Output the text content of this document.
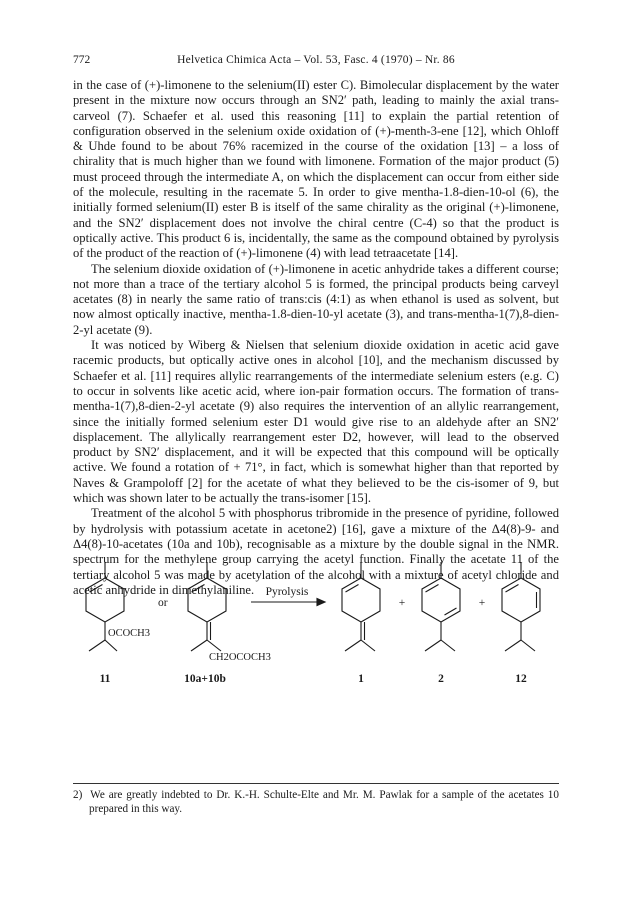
772	Helvetica Chimica Acta – Vol. 53, Fasc. 4 (1970) – Nr. 86

in the case of (+)-limonene to the selenium(II) ester C). Bimolecular displacement by the water present in the mixture now occurs through an SN2′ path, leading to mainly the axial trans-carveol (7). Schaefer et al. used this reasoning [11] to explain the partial retention of configuration observed in the selenium oxide oxidation of (+)-menth-3-ene [12], which Ohloff & Uhde found to be about 76% racemized in the course of the oxidation [13] – a loss of chirality that is much higher than we found with limonene. Formation of the major product (5) must proceed through the intermediate A, on which the displacement can occur from either side of the molecule, resulting in the racemate 5. In order to give mentha-1.8-dien-10-ol (6), the initially formed selenium(II) ester B is itself of the same chirality as the original (+)-limonene, and the SN2′ displacement does not involve the chiral centre (C-4) so that the product is optically active. This product 6 is, incidentally, the same as the compound obtained by pyrolysis of the product of the reaction of (+)-limonene (4) with lead tetraacetate [14].

The selenium dioxide oxidation of (+)-limonene in acetic anhydride takes a different course; not more than a trace of the tertiary alcohol 5 is formed, the principal products being carveyl acetates (8) in nearly the same ratio of trans:cis (4:1) as when ethanol is used as solvent, but now almost optically inactive, mentha-1.8-dien-10-yl acetate (3), and trans-mentha-1(7),8-dien-2-yl acetate (9).

It was noticed by Wiberg & Nielsen that selenium dioxide oxidation in acetic acid gave racemic products, but optically active ones in alcohol [10], and the mechanism discussed by Schaefer et al. [11] requires allylic rearrangements of the intermediate selenium esters (e.g. C) to occur in solvents like acetic acid, where ion-pair formation occurs. The formation of trans-mentha-1(7),8-dien-2-yl acetate (9) also requires the intervention of an allylic rearrangement, since the initially formed selenium ester D1 would give rise to an aldehyde after an SN2′ displacement. The allylically rearrangement ester D2, however, will lead to the observed product by SN2′ displacement, and it will be expected that this compound will be optically active. We found a rotation of + 71°, in fact, which is somewhat higher than that reported by Naves & Grampoloff [2] for the acetate of what they believed to be the cis-isomer of 9, but which was shown later to be actually the trans-isomer [15].

Treatment of the alcohol 5 with phosphorus tribromide in the presence of pyridine, followed by hydrolysis with potassium acetate in acetone2) [16], gave a mixture of the Δ4(8)-9- and Δ4(8)-10-acetates (10a and 10b), recognisable as a mixture by the double signal in the NMR. spectrum for the methylene group carrying the acetyl function. Finally the acetate 11 of the tertiary alcohol 5 was made by acetylation of the alcohol with a mixture of acetyl chloride and acetic anhydride in dimethylaniline.

or
Pyrolysis
+	+
OCOCH3
CH2OCOCH3
11	10a+10b	1	2	12
2) We are greatly indebted to Dr. K.-H. Schulte-Elte and Mr. M. Pawlak for a sample of the acetates 10 prepared in this way.
